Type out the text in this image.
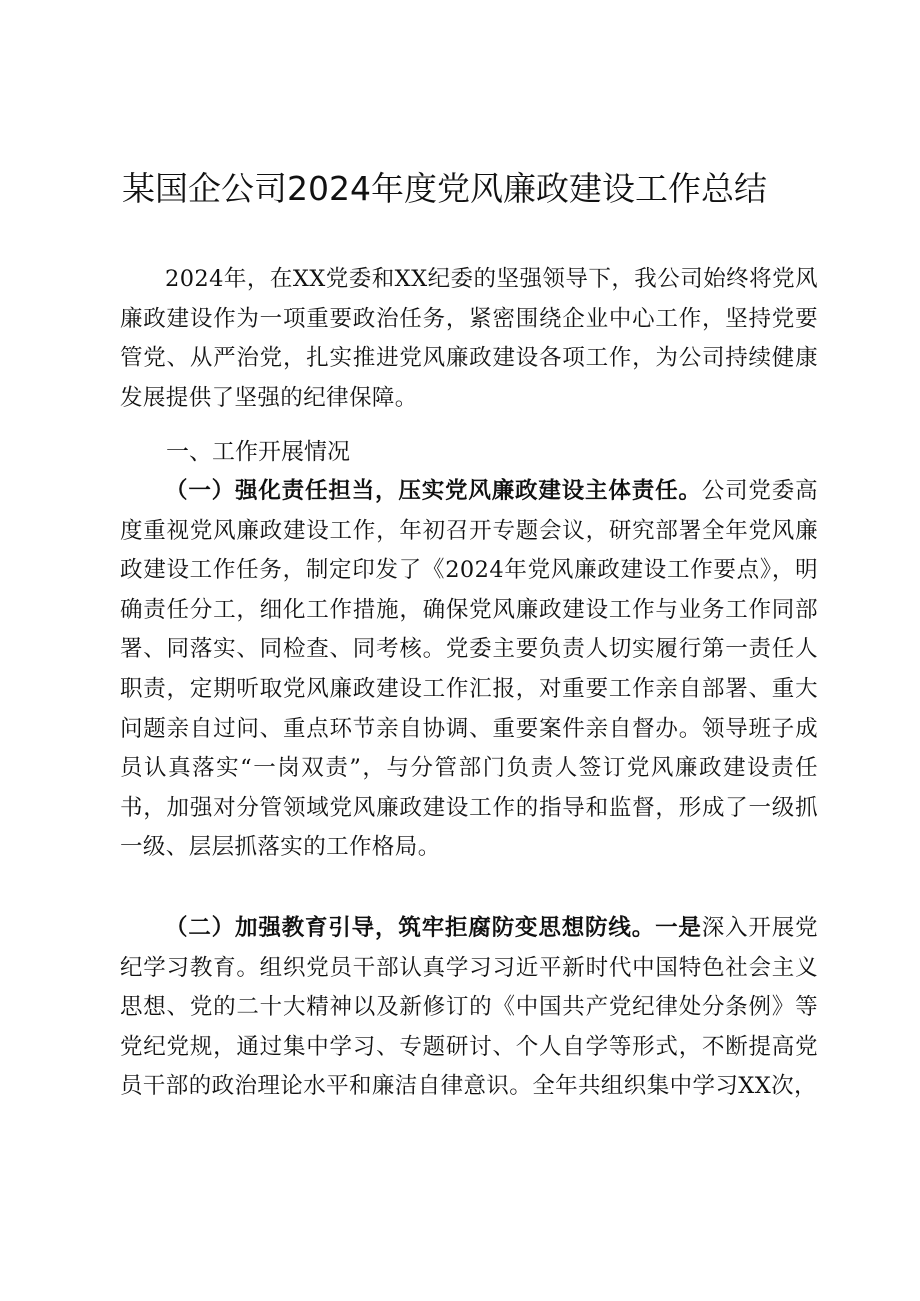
某国企公司2024年度党风廉政建设工作总结

2024年，在XX党委和XX纪委的坚强领导下，我公司始终将党风廉政建设作为一项重要政治任务，紧密围绕企业中心工作，坚持党要管党、从严治党，扎实推进党风廉政建设各项工作，为公司持续健康发展提供了坚强的纪律保障。

一、工作开展情况

（一）强化责任担当，压实党风廉政建设主体责任。公司党委高度重视党风廉政建设工作，年初召开专题会议，研究部署全年党风廉政建设工作任务，制定印发了《2024年党风廉政建设工作要点》，明确责任分工，细化工作措施，确保党风廉政建设工作与业务工作同部署、同落实、同检查、同考核。党委主要负责人切实履行第一责任人职责，定期听取党风廉政建设工作汇报，对重要工作亲自部署、重大问题亲自过问、重点环节亲自协调、重要案件亲自督办。领导班子成员认真落实“一岗双责”，与分管部门负责人签订党风廉政建设责任书，加强对分管领域党风廉政建设工作的指导和监督，形成了一级抓一级、层层抓落实的工作格局。

（二）加强教育引导，筑牢拒腐防变思想防线。一是深入开展党纪学习教育。组织党员干部认真学习习近平新时代中国特色社会主义思想、党的二十大精神以及新修订的《中国共产党纪律处分条例》等党纪党规，通过集中学习、专题研讨、个人自学等形式，不断提高党员干部的政治理论水平和廉洁自律意识。全年共组织集中学习XX次，
